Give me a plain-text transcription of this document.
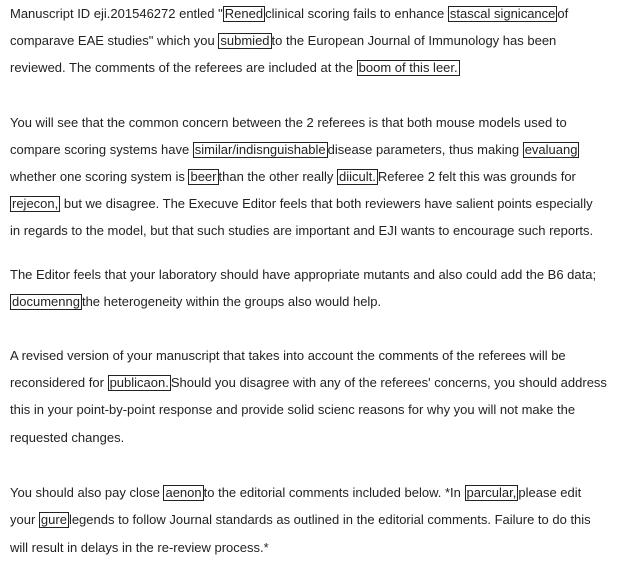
Manuscript ID eji.201546272 entled " Rened clinical scoring fails to enhance stascal signicance of
comparave EAE studies" which you submied to the European Journal of Immunology has been
reviewed. The comments of the referees are included at the boom of this leer.
You will see that the common concern between the 2 referees is that both mouse models used to
compare scoring systems have similar/indisnguishable disease parameters, thus making evaluang
whether one scoring system is beer than the other really diicult. Referee 2 felt this was grounds for
rejecon, but we disagree. The Execuve Editor feels that both reviewers have salient points especially
in regards to the model, but that such studies are important and EJI wants to encourage such reports.
The Editor feels that your laboratory should have appropriate mutants and also could add the B6 data;
documenng the heterogeneity within the groups also would help.
A revised version of your manuscript that takes into account the comments of the referees will be
reconsidered for publicaon. Should you disagree with any of the referees' concerns, you should address
this in your point-by-point response and provide solid scienc reasons for why you will not make the
requested changes.
You should also pay close aenon to the editorial comments included below. *In parcular, please edit
your gure legends to follow Journal standards as outlined in the editorial comments. Failure to do this
will result in delays in the re-review process.*
